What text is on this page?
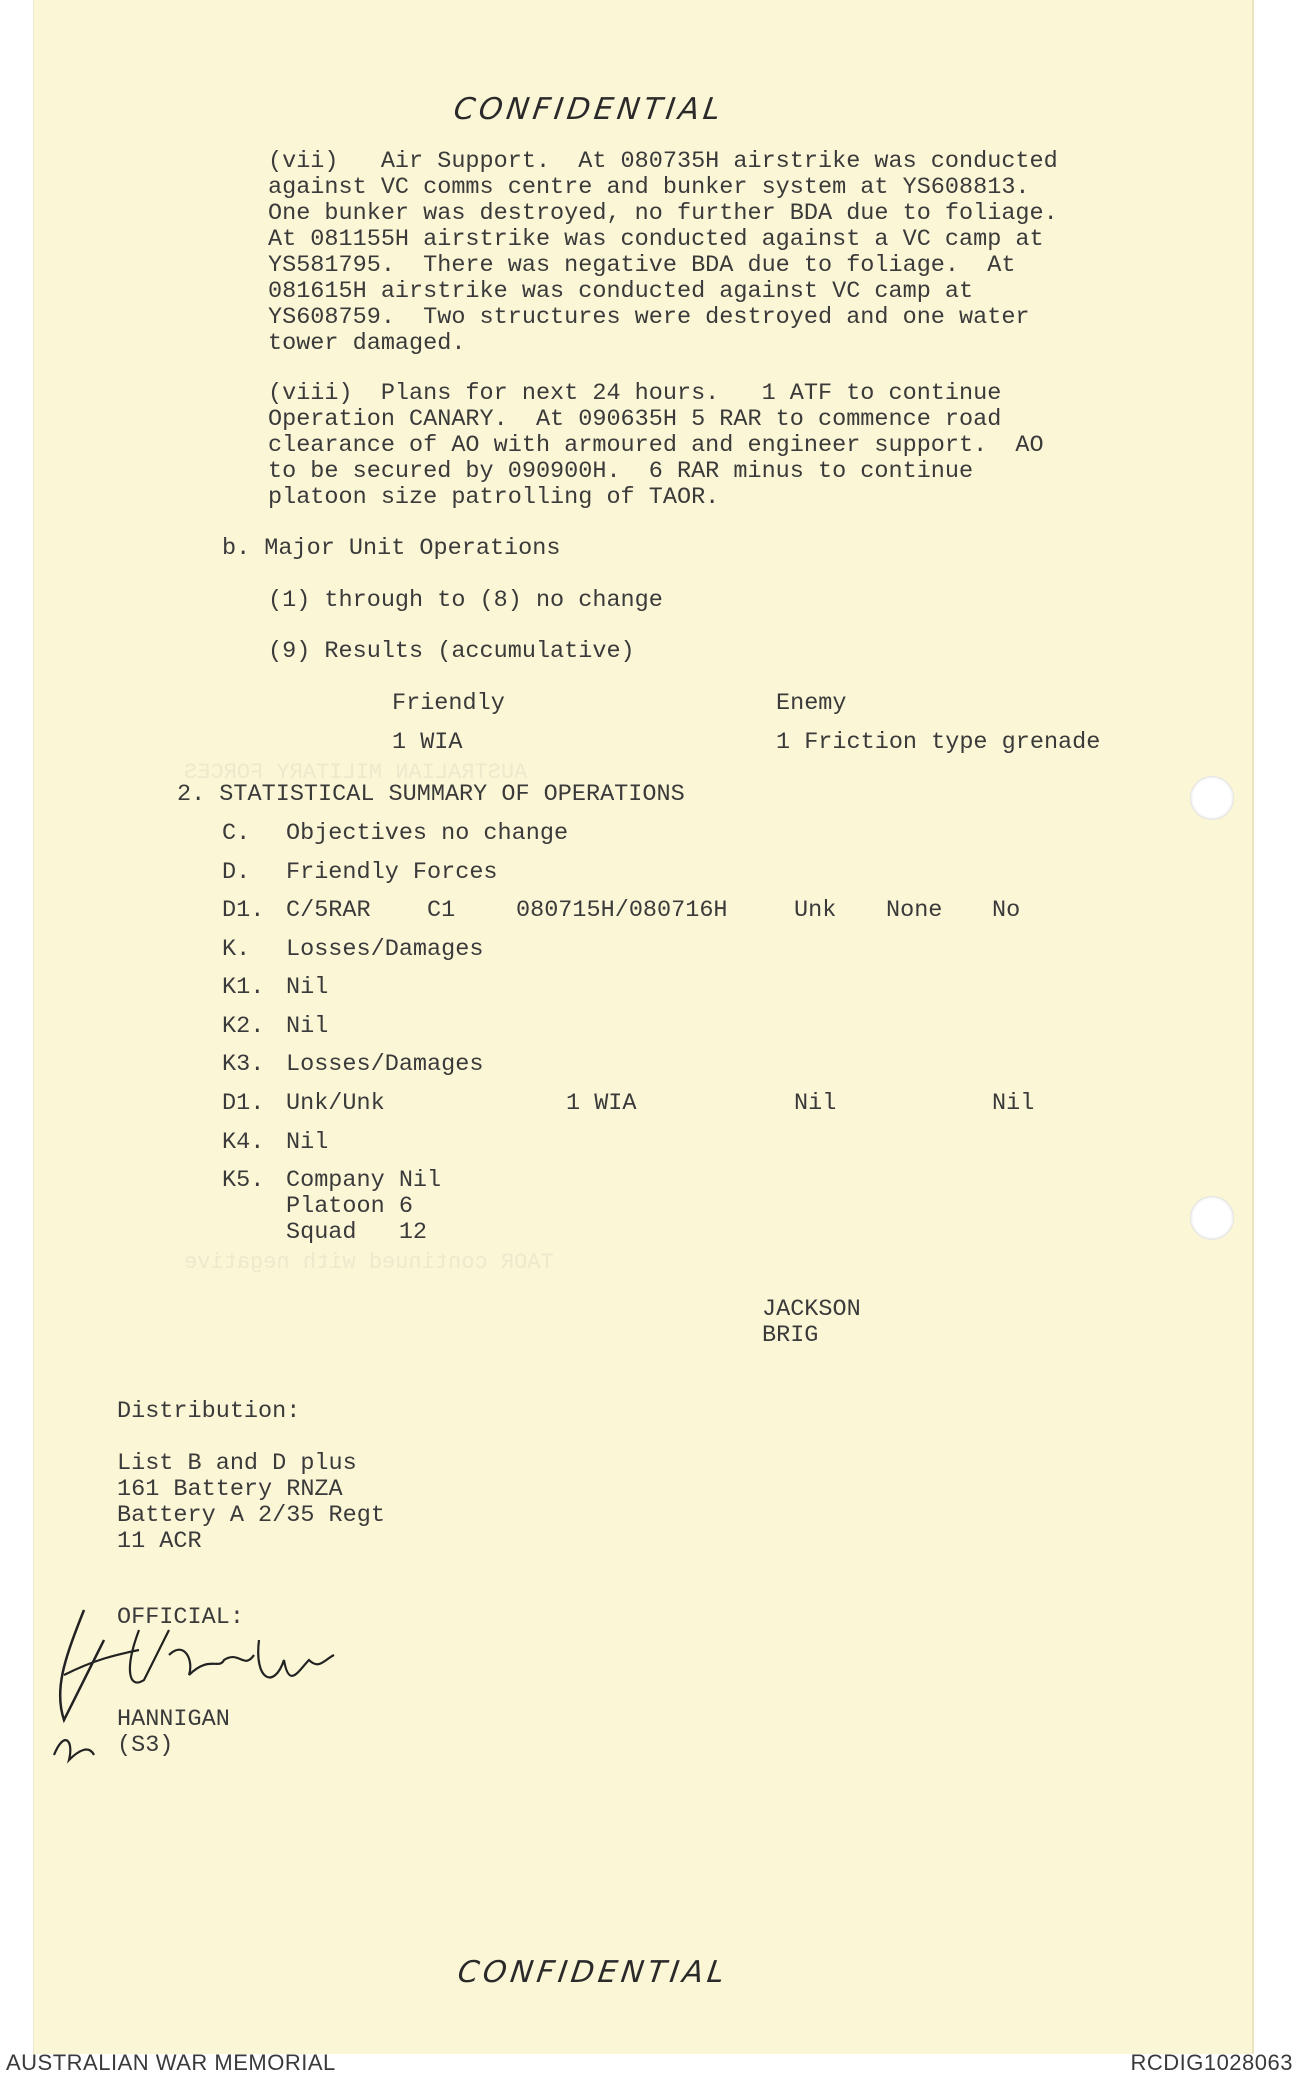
AUSTRALIAN MILITARY FORCES
TAOR continued with negative
CONFIDENTIAL
(vii)   Air Support.  At 080735H airstrike was conducted
against VC comms centre and bunker system at YS608813.
One bunker was destroyed, no further BDA due to foliage.
At 081155H airstrike was conducted against a VC camp at
YS581795.  There was negative BDA due to foliage.  At
081615H airstrike was conducted against VC camp at
YS608759.  Two structures were destroyed and one water
tower damaged.
(viii)  Plans for next 24 hours.   1 ATF to continue
Operation CANARY.  At 090635H 5 RAR to commence road
clearance of AO with armoured and engineer support.  AO
to be secured by 090900H.  6 RAR minus to continue
platoon size patrolling of TAOR.
b. Major Unit Operations
(1) through to (8) no change
(9) Results (accumulative)
Friendly	Enemy
1 WIA	1 Friction type grenade
2. STATISTICAL SUMMARY OF OPERATIONS
C. Objectives no change
D. Friendly Forces
D1. C/5RAR    C1	080715H/080716H	Unk None No
K. Losses/Damages
K1. Nil
K2. Nil
K3. Losses/Damages
D1. Unk/Unk	1 WIA	Nil	Nil
K4. Nil
K5. Company Nil
Platoon 6
Squad   12
JACKSON
BRIG
Distribution:
List B and D plus
161 Battery RNZA
Battery A 2/35 Regt
11 ACR
OFFICIAL:
HANNIGAN
(S3)
CONFIDENTIAL
AUSTRALIAN WAR MEMORIAL	RCDIG1028063
